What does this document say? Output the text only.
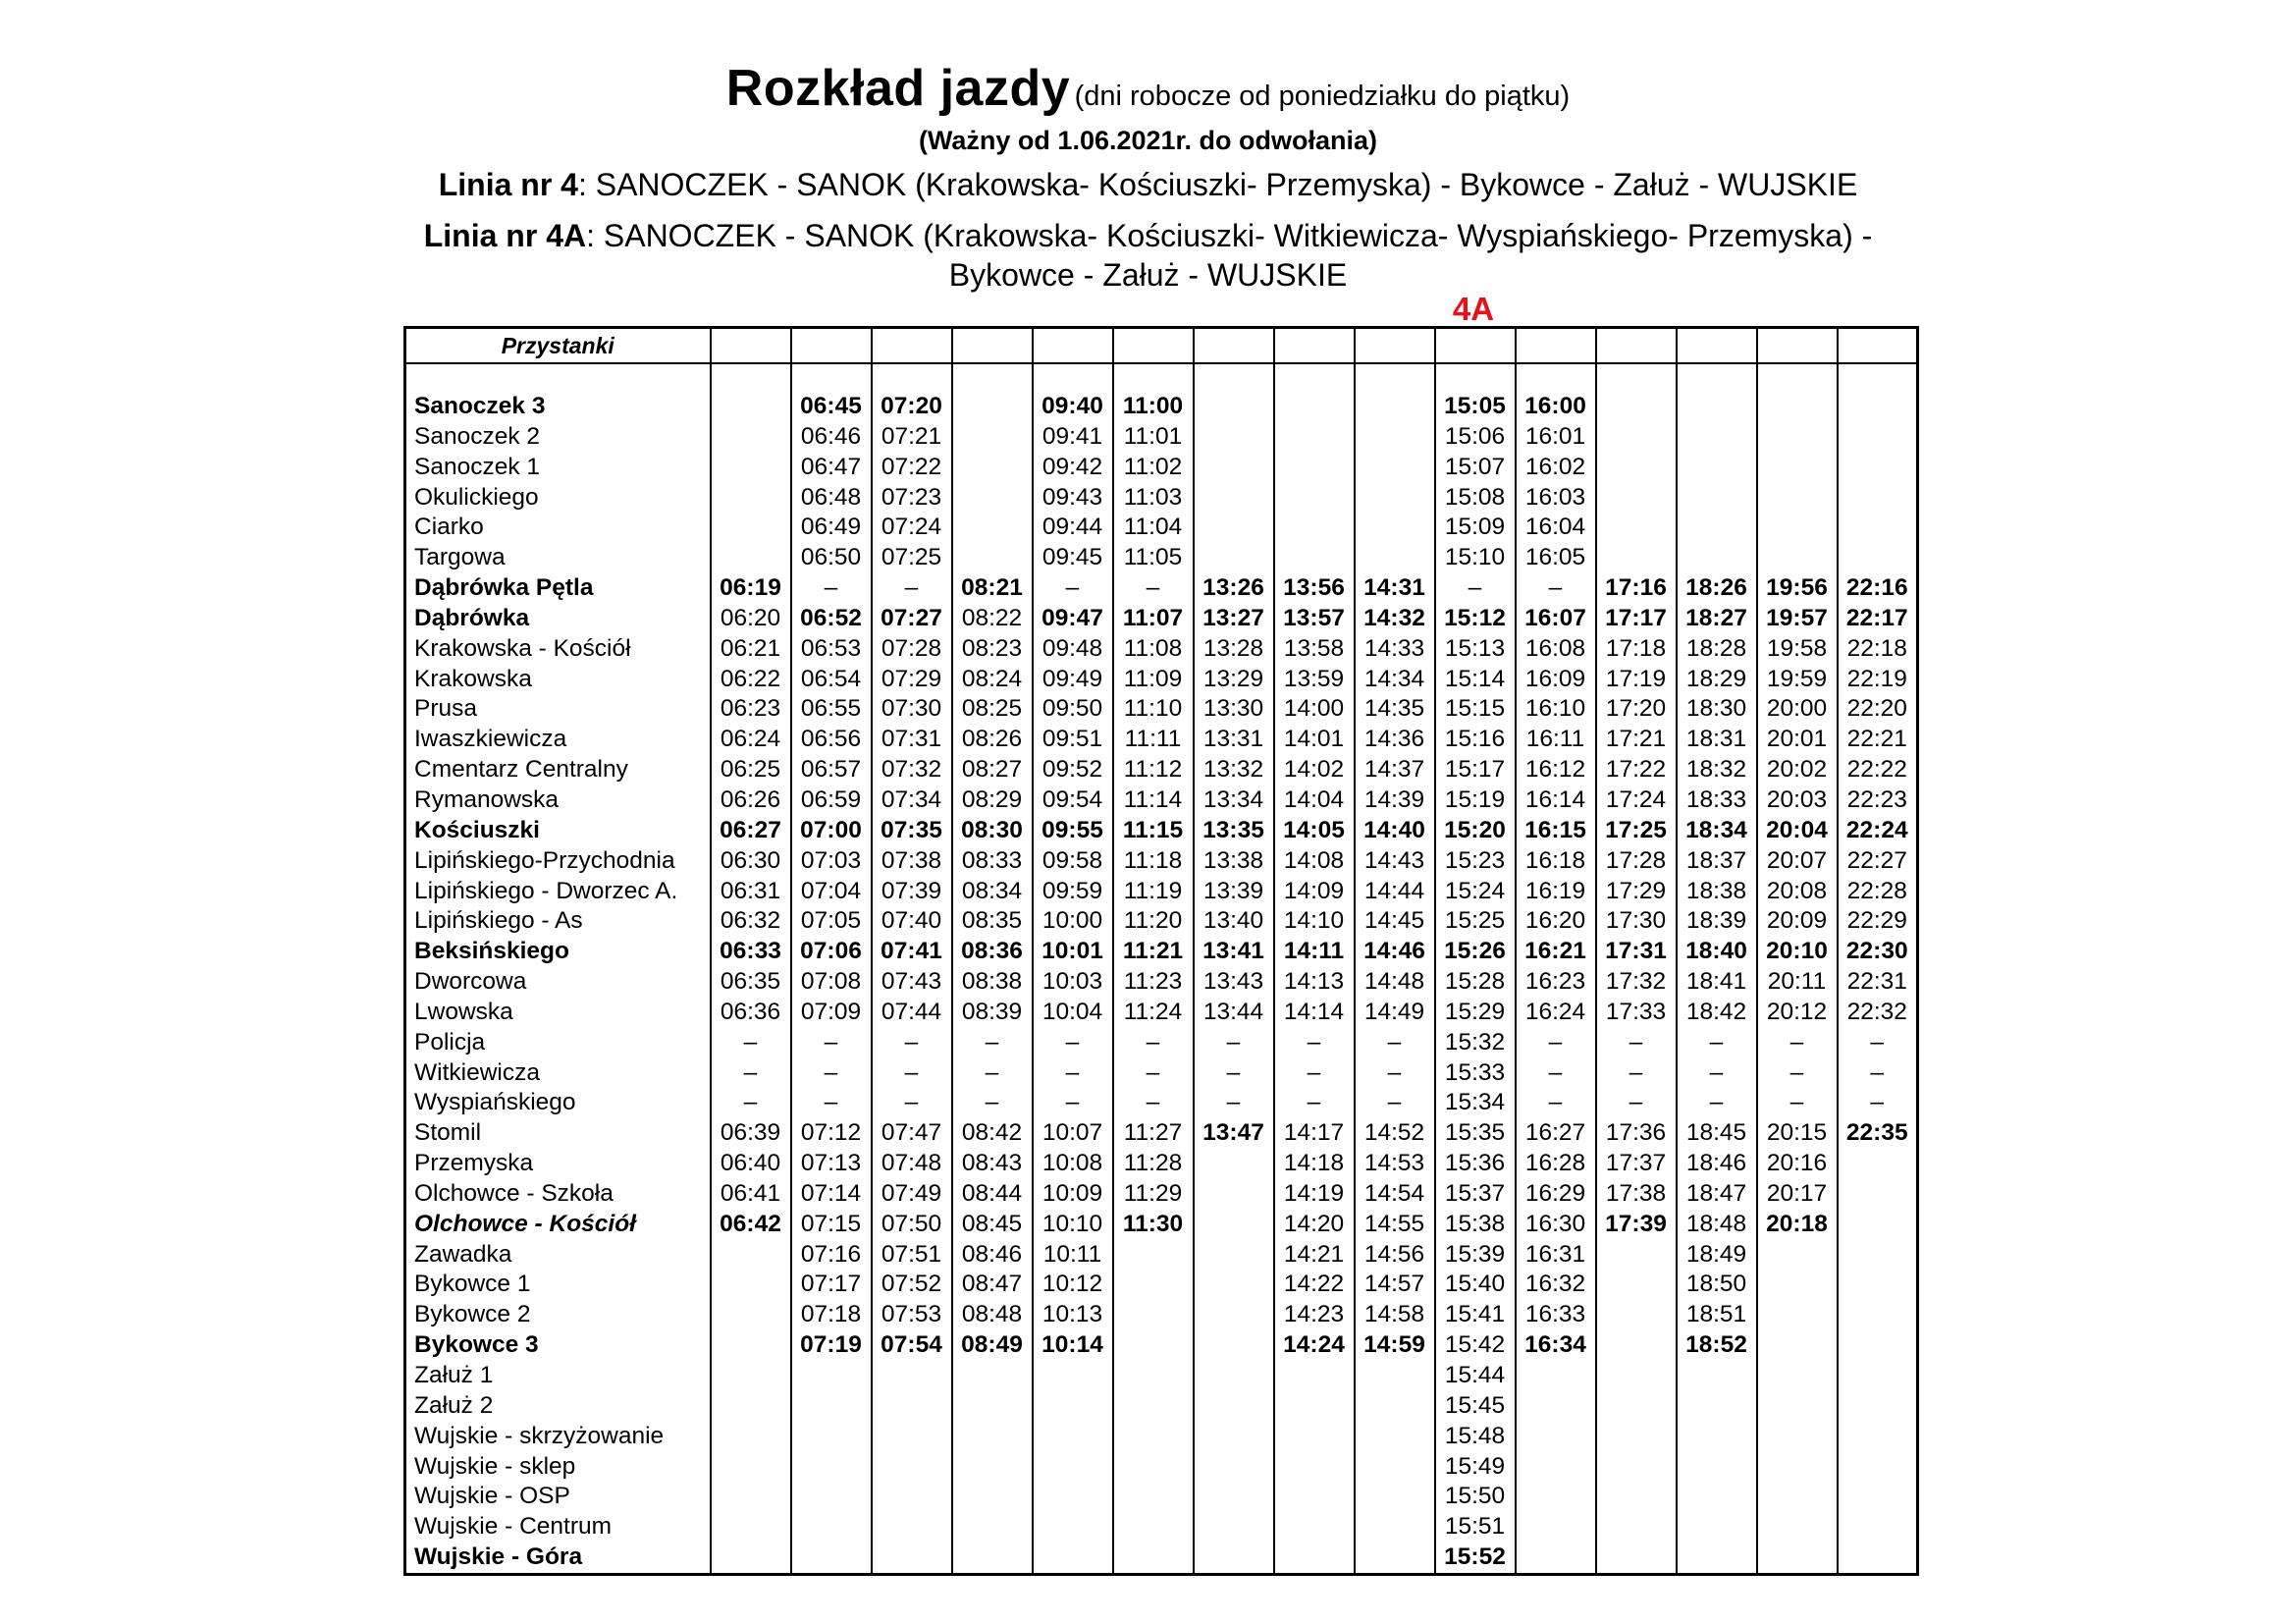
Rozkład jazdy (dni robocze od poniedziałku do piątku)
(Ważny od 1.06.2021r. do odwołania)
Linia nr 4: SANOCZEK - SANOK (Krakowska- Kościuszki- Przemyska) - Bykowce - Załuż - WUJSKIE
Linia nr 4A: SANOCZEK - SANOK (Krakowska- Kościuszki- Witkiewicza- Wyspiańskiego- Przemyska) -
Bykowce - Załuż - WUJSKIE
4A
Przystanki															

Sanoczek 3		06:45	07:20		09:40	11:00				15:05	16:00				
Sanoczek 2		06:46	07:21		09:41	11:01				15:06	16:01				
Sanoczek 1		06:47	07:22		09:42	11:02				15:07	16:02				
Okulickiego		06:48	07:23		09:43	11:03				15:08	16:03				
Ciarko		06:49	07:24		09:44	11:04				15:09	16:04				
Targowa		06:50	07:25		09:45	11:05				15:10	16:05				
Dąbrówka Pętla	06:19	–	–	08:21	–	–	13:26	13:56	14:31	–	–	17:16	18:26	19:56	22:16
Dąbrówka	06:20	06:52	07:27	08:22	09:47	11:07	13:27	13:57	14:32	15:12	16:07	17:17	18:27	19:57	22:17
Krakowska - Kościół	06:21	06:53	07:28	08:23	09:48	11:08	13:28	13:58	14:33	15:13	16:08	17:18	18:28	19:58	22:18
Krakowska	06:22	06:54	07:29	08:24	09:49	11:09	13:29	13:59	14:34	15:14	16:09	17:19	18:29	19:59	22:19
Prusa	06:23	06:55	07:30	08:25	09:50	11:10	13:30	14:00	14:35	15:15	16:10	17:20	18:30	20:00	22:20
Iwaszkiewicza	06:24	06:56	07:31	08:26	09:51	11:11	13:31	14:01	14:36	15:16	16:11	17:21	18:31	20:01	22:21
Cmentarz Centralny	06:25	06:57	07:32	08:27	09:52	11:12	13:32	14:02	14:37	15:17	16:12	17:22	18:32	20:02	22:22
Rymanowska	06:26	06:59	07:34	08:29	09:54	11:14	13:34	14:04	14:39	15:19	16:14	17:24	18:33	20:03	22:23
Kościuszki	06:27	07:00	07:35	08:30	09:55	11:15	13:35	14:05	14:40	15:20	16:15	17:25	18:34	20:04	22:24
Lipińskiego-Przychodnia	06:30	07:03	07:38	08:33	09:58	11:18	13:38	14:08	14:43	15:23	16:18	17:28	18:37	20:07	22:27
Lipińskiego - Dworzec A.	06:31	07:04	07:39	08:34	09:59	11:19	13:39	14:09	14:44	15:24	16:19	17:29	18:38	20:08	22:28
Lipińskiego - As	06:32	07:05	07:40	08:35	10:00	11:20	13:40	14:10	14:45	15:25	16:20	17:30	18:39	20:09	22:29
Beksińskiego	06:33	07:06	07:41	08:36	10:01	11:21	13:41	14:11	14:46	15:26	16:21	17:31	18:40	20:10	22:30
Dworcowa	06:35	07:08	07:43	08:38	10:03	11:23	13:43	14:13	14:48	15:28	16:23	17:32	18:41	20:11	22:31
Lwowska	06:36	07:09	07:44	08:39	10:04	11:24	13:44	14:14	14:49	15:29	16:24	17:33	18:42	20:12	22:32
Policja	–	–	–	–	–	–	–	–	–	15:32	–	–	–	–	–
Witkiewicza	–	–	–	–	–	–	–	–	–	15:33	–	–	–	–	–
Wyspiańskiego	–	–	–	–	–	–	–	–	–	15:34	–	–	–	–	–
Stomil	06:39	07:12	07:47	08:42	10:07	11:27	13:47	14:17	14:52	15:35	16:27	17:36	18:45	20:15	22:35
Przemyska	06:40	07:13	07:48	08:43	10:08	11:28		14:18	14:53	15:36	16:28	17:37	18:46	20:16	
Olchowce - Szkoła	06:41	07:14	07:49	08:44	10:09	11:29		14:19	14:54	15:37	16:29	17:38	18:47	20:17	
Olchowce - Kościół	06:42	07:15	07:50	08:45	10:10	11:30		14:20	14:55	15:38	16:30	17:39	18:48	20:18	
Zawadka		07:16	07:51	08:46	10:11			14:21	14:56	15:39	16:31		18:49		
Bykowce 1		07:17	07:52	08:47	10:12			14:22	14:57	15:40	16:32		18:50		
Bykowce 2		07:18	07:53	08:48	10:13			14:23	14:58	15:41	16:33		18:51		
Bykowce 3		07:19	07:54	08:49	10:14			14:24	14:59	15:42	16:34		18:52		
Załuż 1										15:44					
Załuż 2										15:45					
Wujskie - skrzyżowanie										15:48					
Wujskie - sklep										15:49					
Wujskie - OSP										15:50					
Wujskie - Centrum										15:51					
Wujskie - Góra										15:52					
